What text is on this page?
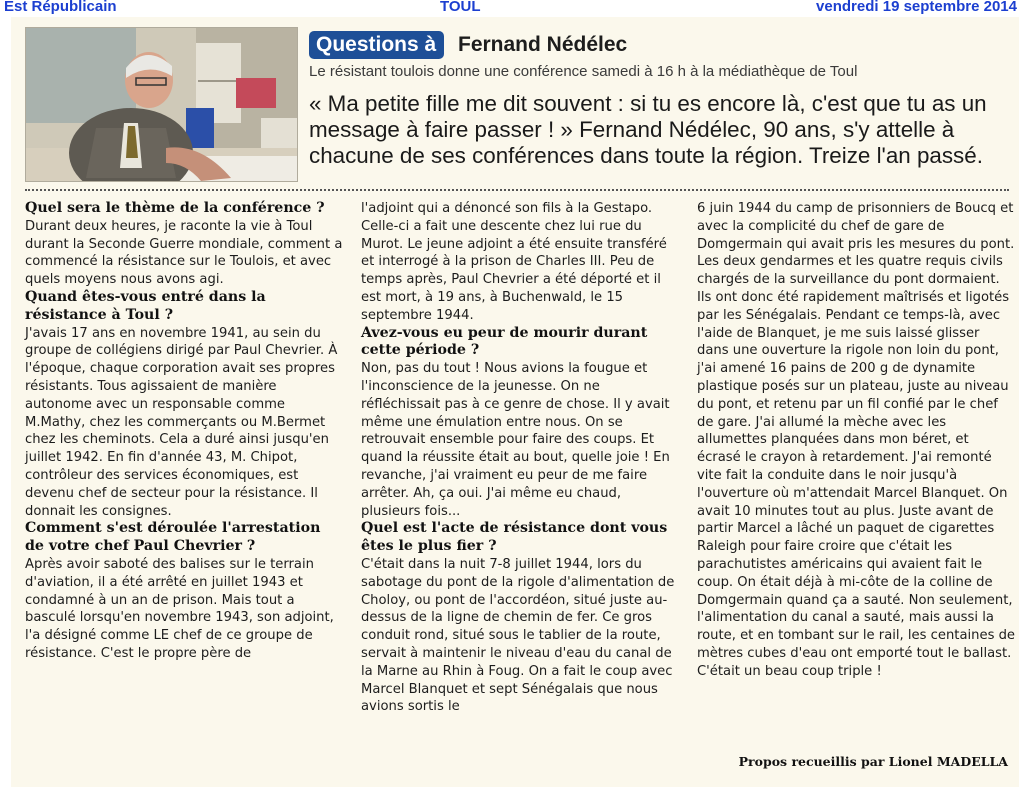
Est Républicain	TOUL	vendredi 19 septembre 2014
Questions à	Fernand Nédélec
Le résistant toulois donne une conférence samedi à 16 h à la médiathèque de Toul
« Ma petite fille me dit souvent : si tu es encore là, c'est que tu as un message à faire passer ! » Fernand Nédélec, 90 ans, s'y attelle à chacune de ses conférences dans toute la région. Treize l'an passé.

Quel sera le thème de la conférence ?

Durant deux heures, je raconte la vie à Toul durant la Seconde Guerre mondiale, comment a commencé la résistance sur le Toulois, et avec quels moyens nous avons agi.

Quand êtes-vous entré dans la résistance à Toul ?

J'avais 17 ans en novembre 1941, au sein du groupe de collégiens dirigé par Paul Chevrier. À l'époque, chaque corporation avait ses propres résistants. Tous agissaient de manière autonome avec un responsable comme M.Mathy, chez les commerçants ou M.Bermet chez les cheminots. Cela a duré ainsi jusqu'en juillet 1942. En fin d'année 43, M. Chipot, contrôleur des services économiques, est devenu chef de secteur pour la résistance. Il donnait les consignes.

Comment s'est déroulée l'arrestation de votre chef Paul Chevrier ?

Après avoir saboté des balises sur le terrain d'aviation, il a été arrêté en juillet 1943 et condamné à un an de prison. Mais tout a basculé lorsqu'en novembre 1943, son adjoint, l'a désigné comme LE chef de ce groupe de résistance. C'est le propre père de

l'adjoint qui a dénoncé son fils à la Gestapo. Celle-ci a fait une descente chez lui rue du Murot. Le jeune adjoint a été ensuite transféré et interrogé à la prison de Charles III. Peu de temps après, Paul Chevrier a été déporté et il est mort, à 19 ans, à Buchenwald, le 15 septembre 1944.

Avez-vous eu peur de mourir durant cette période ?

Non, pas du tout ! Nous avions la fougue et l'inconscience de la jeunesse. On ne réfléchissait pas à ce genre de chose. Il y avait même une émulation entre nous. On se retrouvait ensemble pour faire des coups. Et quand la réussite était au bout, quelle joie ! En revanche, j'ai vraiment eu peur de me faire arrêter. Ah, ça oui. J'ai même eu chaud, plusieurs fois...

Quel est l'acte de résistance dont vous êtes le plus fier ?

C'était dans la nuit 7-8 juillet 1944, lors du sabotage du pont de la rigole d'alimentation de Choloy, ou pont de l'accordéon, situé juste au-dessus de la ligne de chemin de fer. Ce gros conduit rond, situé sous le tablier de la route, servait à maintenir le niveau d'eau du canal de la Marne au Rhin à Foug. On a fait le coup avec Marcel Blanquet et sept Sénégalais que nous avions sortis le

6 juin 1944 du camp de prisonniers de Boucq et avec la complicité du chef de gare de Domgermain qui avait pris les mesures du pont. Les deux gendarmes et les quatre requis civils chargés de la surveillance du pont dormaient. Ils ont donc été rapidement maîtrisés et ligotés par les Sénégalais. Pendant ce temps-là, avec l'aide de Blanquet, je me suis laissé glisser dans une ouverture la rigole non loin du pont, j'ai amené 16 pains de 200 g de dynamite plastique posés sur un plateau, juste au niveau du pont, et retenu par un fil confié par le chef de gare. J'ai allumé la mèche avec les allumettes planquées dans mon béret, et écrasé le crayon à retardement. J'ai remonté vite fait la conduite dans le noir jusqu'à l'ouverture où m'attendait Marcel Blanquet. On avait 10 minutes tout au plus. Juste avant de partir Marcel a lâché un paquet de cigarettes Raleigh pour faire croire que c'était les parachutistes américains qui avaient fait le coup. On était déjà à mi-côte de la colline de Domgermain quand ça a sauté. Non seulement, l'alimentation du canal a sauté, mais aussi la route, et en tombant sur le rail, les centaines de mètres cubes d'eau ont emporté tout le ballast. C'était un beau coup triple !

Propos recueillis par Lionel MADELLA
